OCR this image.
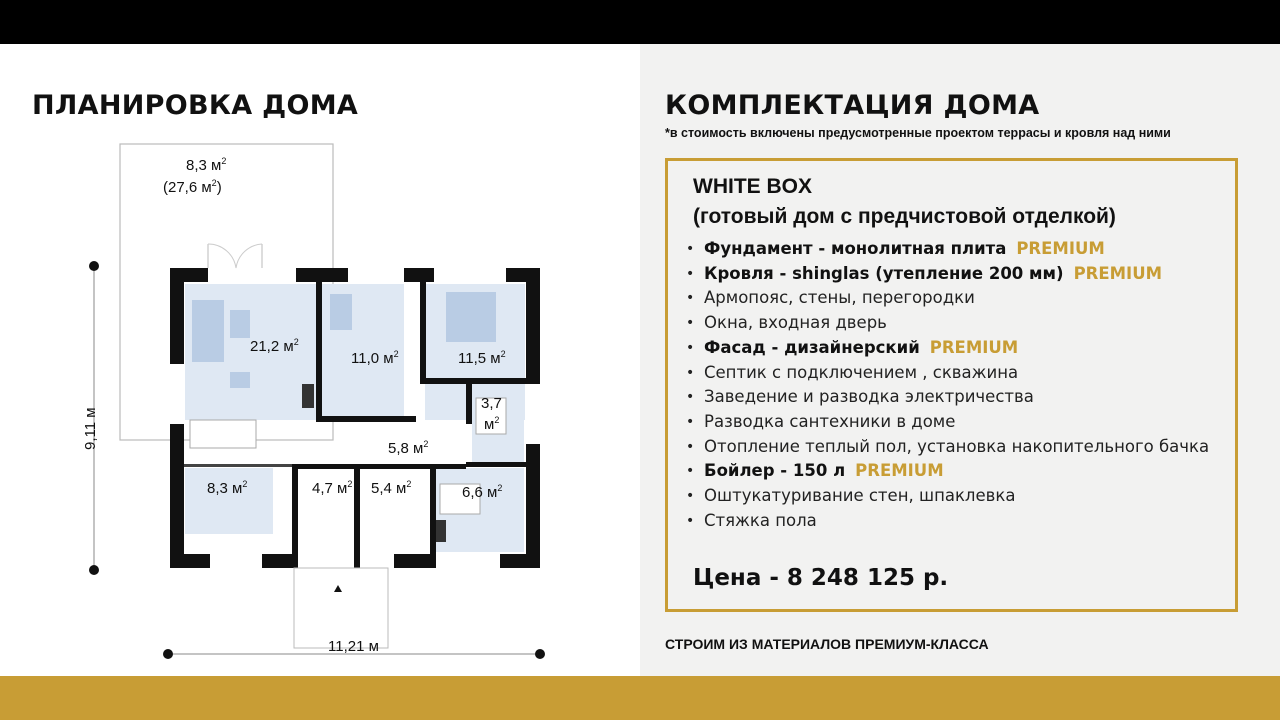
ПЛАНИРОВКА ДОМА
8,3 $м^2$
(27,6 $м^2$)
21,2 $м^2$
11,0 $м^2$	11,5 $м^2$
3,7
$м^2$
5,8 $м^2$
8,3 $м^2$	4,7 $м^2$ 5,4 $м^2$	6,6 $м^2$
9,11 м
11,21 м
КОМПЛЕКТАЦИЯ ДОМА
*в стоимость включены предусмотренные проектом террасы и кровля над ними
WHITE BOX
(готовый дом с предчистовой отделкой)
• Фундамент - монолитная плита PREMIUM
• Кровля - shinglas (утепление 200 мм) PREMIUM
• Армопояс, стены, перегородки
• Окна, входная дверь
• Фасад - дизайнерский PREMIUM
• Септик с подключением , скважина
• Заведение и разводка электричества
• Разводка сантехники в доме
• Отопление теплый пол, установка накопительного бачка
• Бойлер - 150 л PREMIUM
• Оштукатуривание стен, шпаклевка
• Стяжка пола
Цена - 8 248 125 р.
СТРОИМ ИЗ МАТЕРИАЛОВ ПРЕМИУМ-КЛАССА
